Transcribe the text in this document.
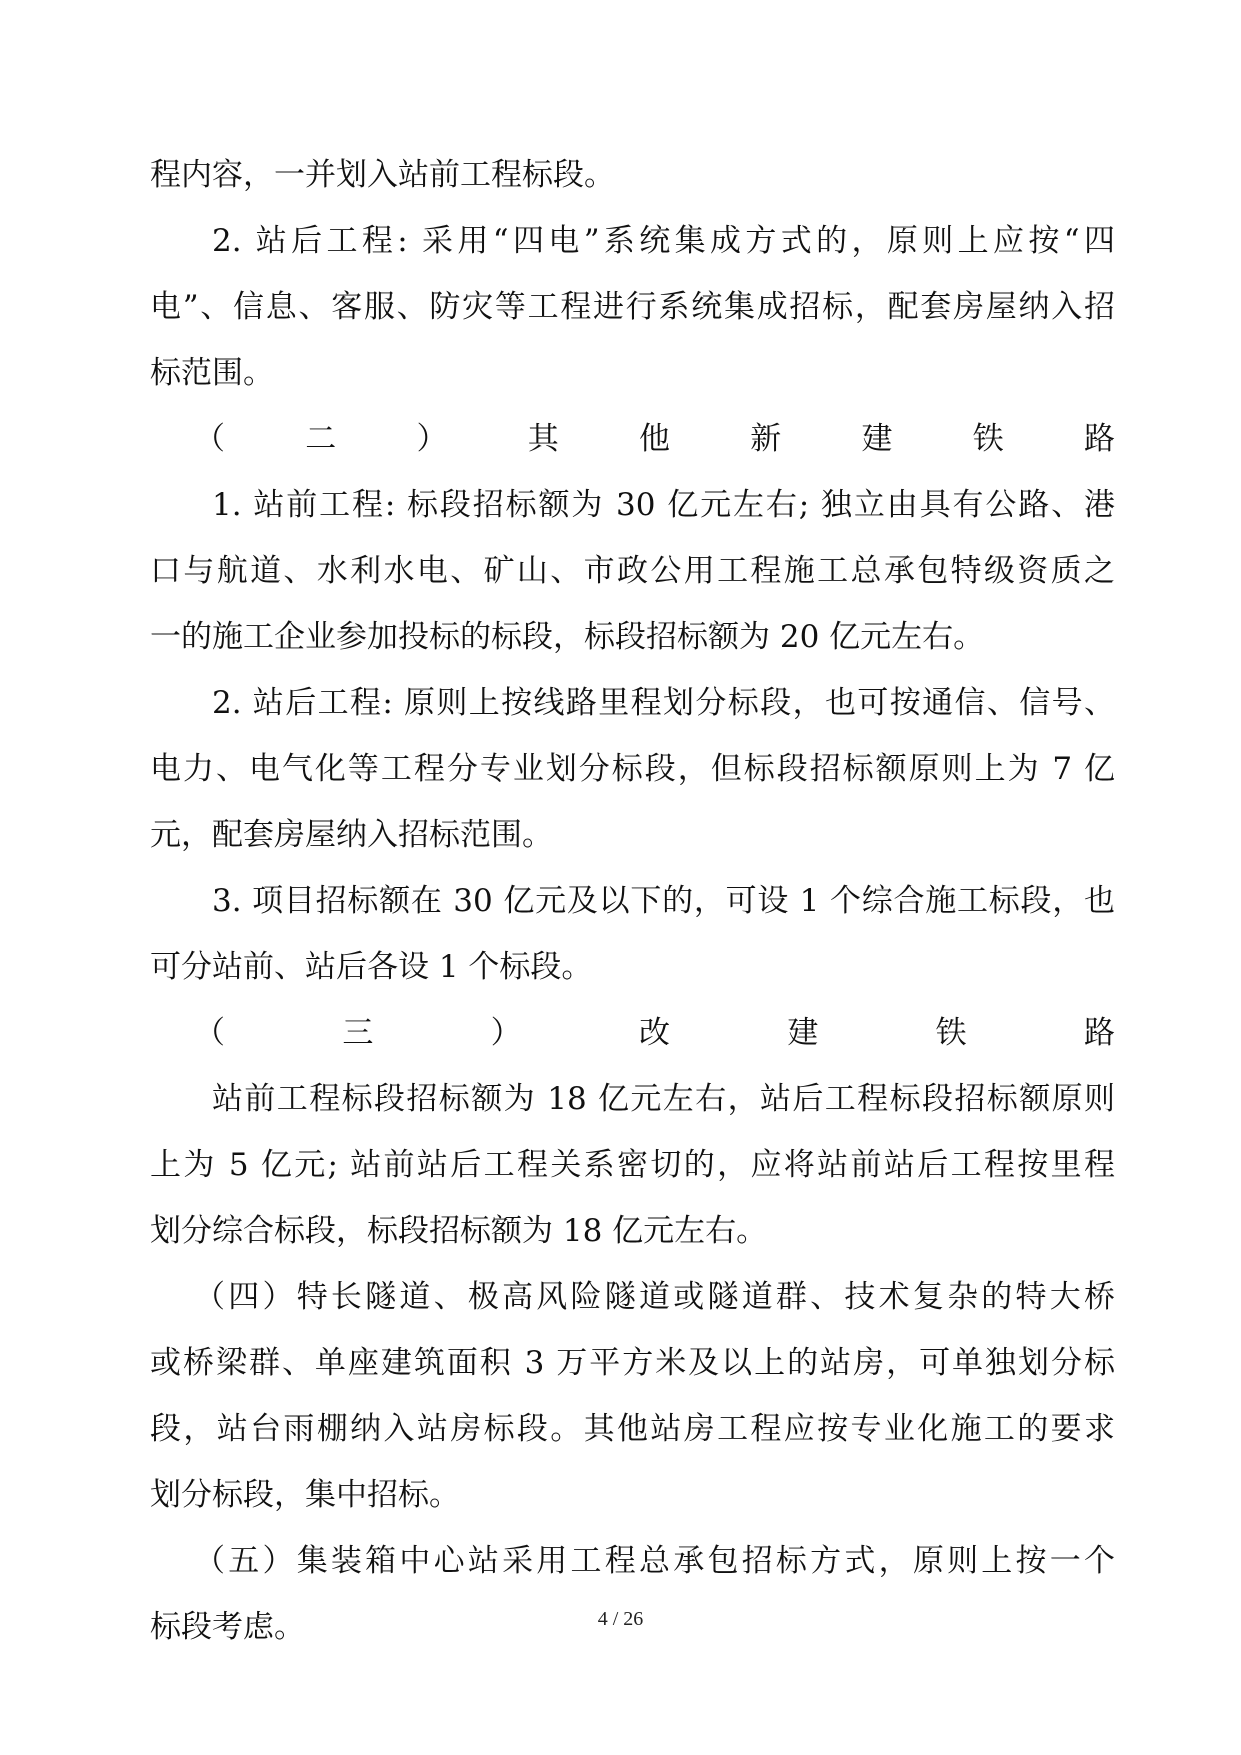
程内容，一并划入站前工程标段。
2. 站后工程: 采用“四电”系统集成方式的，原则上应按“四
电”、信息、客服、防灾等工程进行系统集成招标，配套房屋纳入招
标范围。
（二）其他新建铁路
1. 站前工程: 标段招标额为 30 亿元左右; 独立由具有公路、港
口与航道、水利水电、矿山、市政公用工程施工总承包特级资质之
一的施工企业参加投标的标段，标段招标额为 20 亿元左右。
2. 站后工程: 原则上按线路里程划分标段，也可按通信、信号、
电力、电气化等工程分专业划分标段，但标段招标额原则上为 7 亿
元，配套房屋纳入招标范围。
3. 项目招标额在 30 亿元及以下的，可设 1 个综合施工标段，也
可分站前、站后各设 1 个标段。
（三）改建铁路
站前工程标段招标额为 18 亿元左右，站后工程标段招标额原则
上为 5 亿元; 站前站后工程关系密切的，应将站前站后工程按里程
划分综合标段，标段招标额为 18 亿元左右。
（四）特长隧道、极高风险隧道或隧道群、技术复杂的特大桥
或桥梁群、单座建筑面积 3 万平方米及以上的站房，可单独划分标
段，站台雨棚纳入站房标段。其他站房工程应按专业化施工的要求
划分标段，集中招标。
（五）集装箱中心站采用工程总承包招标方式，原则上按一个
标段考虑。	4 / 26
